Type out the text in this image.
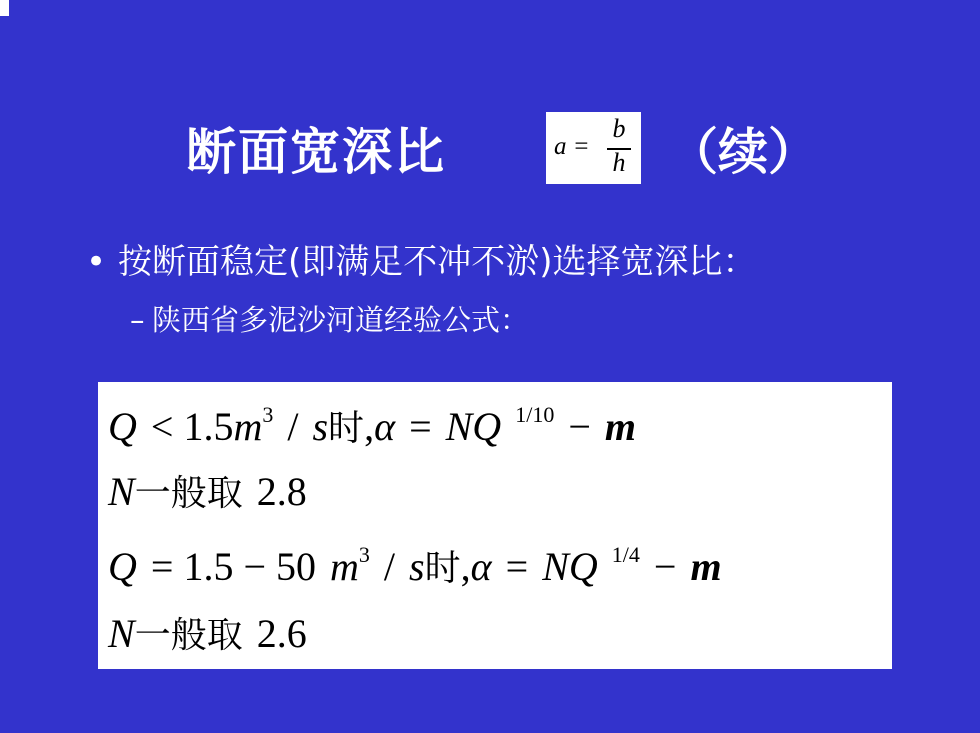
断面宽深比	a =
b
h （续）
• 按断面稳定(即满足不冲不淤)选择宽深比：
– 陕西省多泥沙河道经验公式：
$Q < 1.5m^3 / s$时,α = NQ $^{1/10}$ − m
N一般取 2.8
Q = 1.5 − 50 $m^3$ / s时,α = NQ $^{1/4}$ − m
N一般取 2.6
